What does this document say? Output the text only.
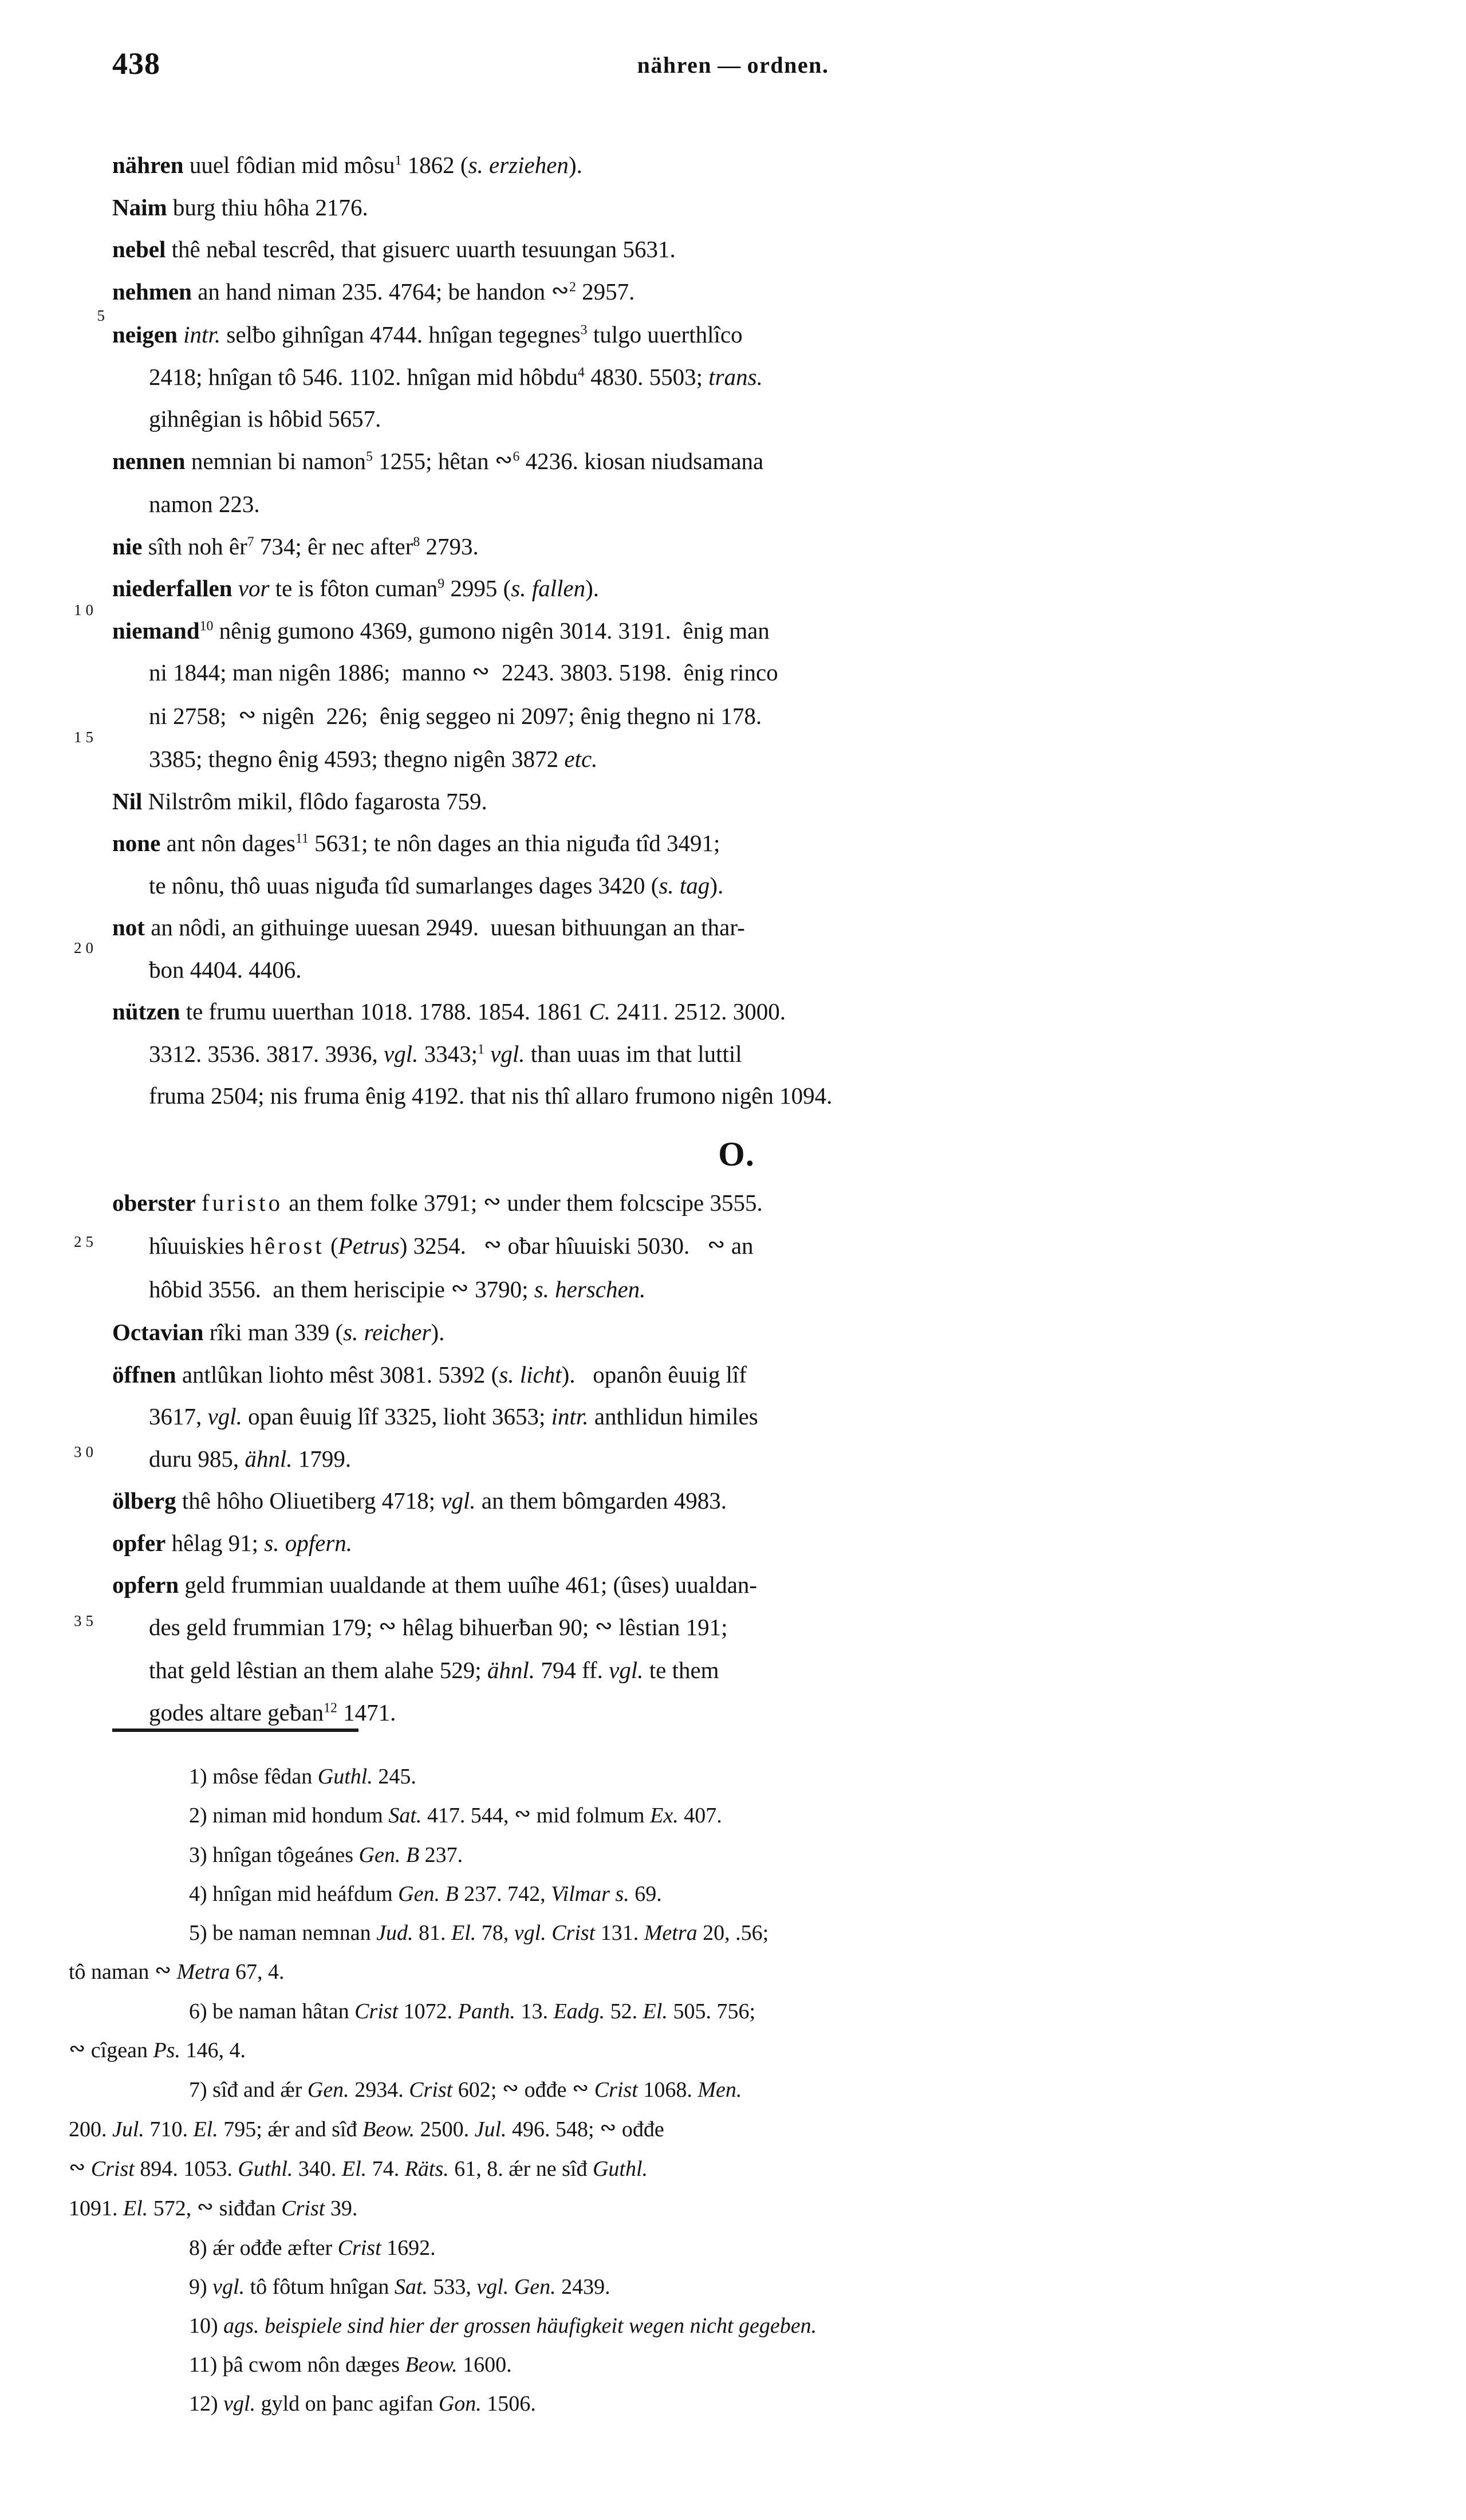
438	nähren — ordnen.
5
10
15
20
25
30
35
nähren uuel fôdian mid môsu$^1$ 1862 (s. erziehen).
Naim burg thiu hôha 2176.
nebel thê neƀal tescrêd, that gisuerc uuarth tesuungan 5631.
nehmen an hand niman 235. 4764; be handon ∾$^2$ 2957.
neigen intr. selƀo gihnîgan 4744. hnîgan tegegnes$^3$ tulgo uuerthlîco
2418; hnîgan tô 546. 1102. hnîgan mid hôbdu$^4$ 4830. 5503; trans.
gihnêgian is hôbid 5657.
nennen nemnian bi namon$^5$ 1255; hêtan ∾$^6$ 4236. kiosan niudsamana
namon 223.
nie sîth noh $êr^7$ 734; êr nec after$^8$ 2793.
niederfallen vor te is fôton cuman$^9$ 2995 (s. fallen).
niemand$^{10}$ nênig gumono 4369, gumono nigên 3014. 3191.  ênig man
ni 1844; man nigên 1886;  manno ∾  2243. 3803. 5198.  ênig rinco
ni 2758;  ∾ nigên  226;  ênig seggeo ni 2097; ênig thegno ni 178.
3385; thegno ênig 4593; thegno nigên 3872 etc.
Nil Nilstrôm mikil, flôdo fagarosta 759.
none ant nôn dages$^{11}$ 5631; te nôn dages an thia niguđa tîd 3491;
te nônu, thô uuas niguđa tîd sumarlanges dages 3420 (s. tag).
not an nôdi, an githuinge uuesan 2949.  uuesan bithuungan an thar-
ƀon 4404. 4406.
nützen te frumu uuerthan 1018. 1788. 1854. 1861 C. 2411. 2512. 3000.
3312. 3536. 3817. 3936, vgl. 3343;$^1$ vgl. than uuas im that luttil
fruma 2504; nis fruma ênig 4192. that nis thî allaro frumono nigên 1094.
O.
oberster furisto an them folke 3791; ∾ under them folcscipe 3555.
hîuuiskies hêrost (Petrus) 3254.   ∾ oƀar hîuuiski 5030.   ∾ an
hôbid 3556.  an them heriscipie ∾ 3790; s. herschen.
Octavian rîki man 339 (s. reicher).
öffnen antlûkan liohto mêst 3081. 5392 (s. licht).   opanôn êuuig lîf
3617, vgl. opan êuuig lîf 3325, lioht 3653; intr. anthlidun himiles
duru 985, ähnl. 1799.
ölberg thê hôho Oliuetiberg 4718; vgl. an them bômgarden 4983.
opfer hêlag 91; s. opfern.
opfern geld frummian uualdande at them uuîhe 461; (ûses) uualdan-
des geld frummian 179; ∾ hêlag bihuerƀan 90; ∾ lêstian 191;
that geld lêstian an them alahe 529; ähnl. 794 ff. vgl. te them
godes altare geƀan$^{12}$ 1471.
1) môse fêdan Guthl. 245.
2) niman mid hondum Sat. 417. 544, ∾ mid folmum Ex. 407.
3) hnîgan tôgeánes Gen. B 237.
4) hnîgan mid heáfdum Gen. B 237. 742, Vilmar s. 69.
5) be naman nemnan Jud. 81. El. 78, vgl. Crist 131. Metra 20, .56;
tô naman ∾ Metra 67, 4.
6) be naman hâtan Crist 1072. Panth. 13. Eadg. 52. El. 505. 756;
∾ cîgean Ps. 146, 4.
7) sîđ and ǽr Gen. 2934. Crist 602; ∾ ođđe ∾ Crist 1068. Men.
200. Jul. 710. El. 795; ǽr and sîđ Beow. 2500. Jul. 496. 548; ∾ ođđe
∾ Crist 894. 1053. Guthl. 340. El. 74. Räts. 61, 8. ǽr ne sîđ Guthl.
1091. El. 572, ∾ siđđan Crist 39.
8) ǽr ođđe æfter Crist 1692.
9) vgl. tô fôtum hnîgan Sat. 533, vgl. Gen. 2439.
10) ags. beispiele sind hier der grossen häufigkeit wegen nicht gegeben.
11) þâ cwom nôn dæges Beow. 1600.
12) vgl. gyld on þanc agifan Gon. 1506.
